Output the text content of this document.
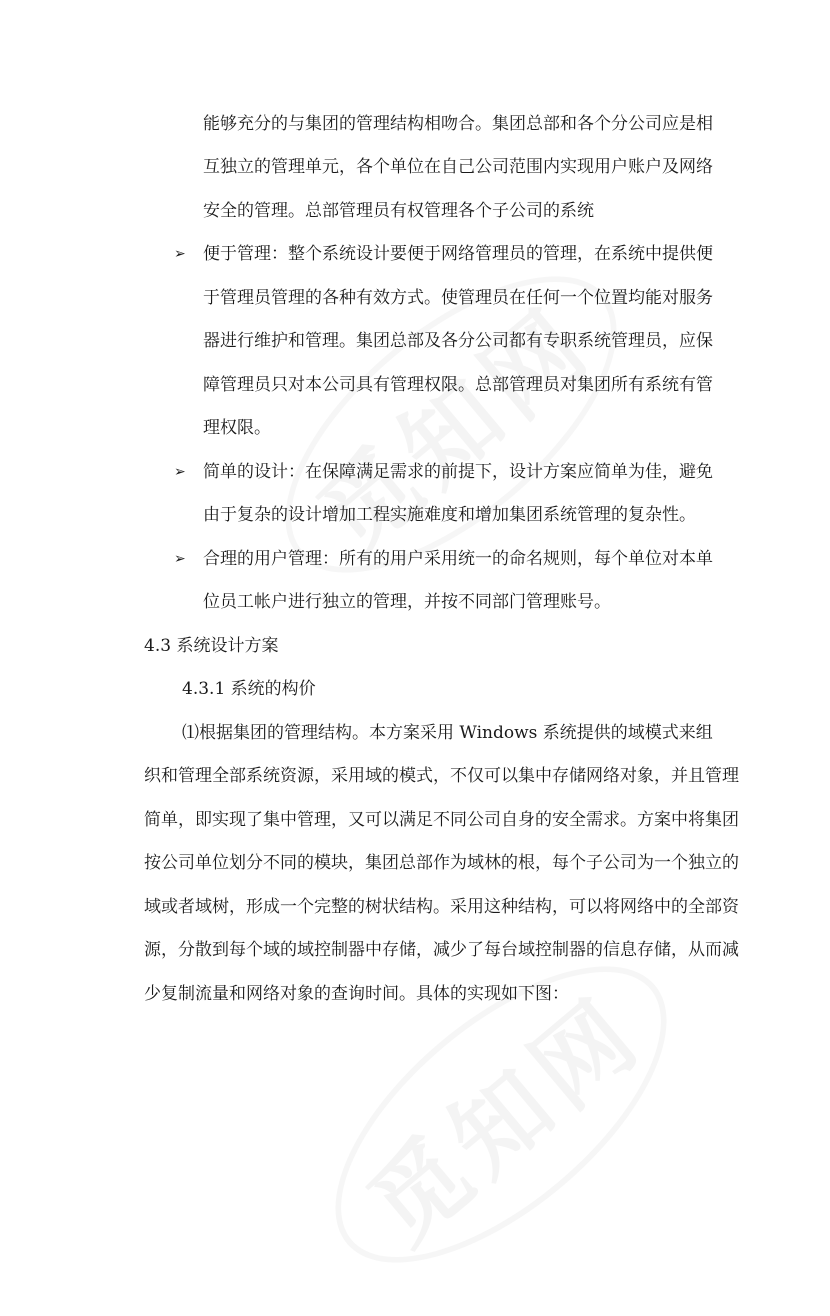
能够充分的与集团的管理结构相吻合。集团总部和各个分公司应是相
互独立的管理单元，各个单位在自己公司范围内实现用户账户及网络
安全的管理。总部管理员有权管理各个子公司的系统
➢ 便于管理：整个系统设计要便于网络管理员的管理，在系统中提供便
于管理员管理的各种有效方式。使管理员在任何一个位置均能对服务
器进行维护和管理。集团总部及各分公司都有专职系统管理员，应保
障管理员只对本公司具有管理权限。总部管理员对集团所有系统有管
理权限。
➢ 简单的设计：在保障满足需求的前提下，设计方案应简单为佳，避免
由于复杂的设计增加工程实施难度和增加集团系统管理的复杂性。
➢ 合理的用户管理：所有的用户采用统一的命名规则，每个单位对本单
位员工帐户进行独立的管理，并按不同部门管理账号。
4.3 系统设计方案
4.3.1 系统的构价
⑴根据集团的管理结构。本方案采用 Windows 系统提供的域模式来组
织和管理全部系统资源，采用域的模式，不仅可以集中存储网络对象，并且管理
简单，即实现了集中管理，又可以满足不同公司自身的安全需求。方案中将集团
按公司单位划分不同的模块，集团总部作为域林的根，每个子公司为一个独立的
域或者域树，形成一个完整的树状结构。采用这种结构，可以将网络中的全部资
源，分散到每个域的域控制器中存储，减少了每台域控制器的信息存储，从而减
少复制流量和网络对象的查询时间。具体的实现如下图：
